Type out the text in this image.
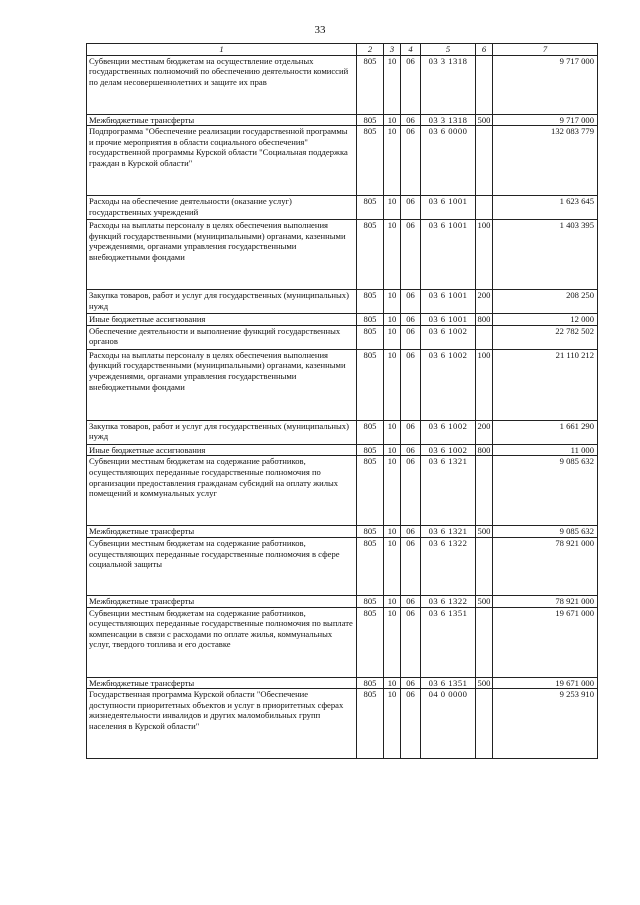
33
1	2	3	4	5	6	7
Субвенции местным бюджетам на осуществление отдельных государственных полномочий по обеспечению деятельности комиссий по делам несовершеннолетних и защите их прав	805	10	06	03 3 1318		9 717 000
Межбюджетные трансферты	805	10	06	03 3 1318	500	9 717 000
Подпрограмма "Обеспечение реализации государственной программы и прочие мероприятия в области социального обеспечения" государственной программы Курской области "Социальная поддержка граждан в Курской области"	805	10	06	03 6 0000		132 083 779
Расходы на обеспечение деятельности (оказание услуг) государственных учреждений	805	10	06	03 6 1001		1 623 645
Расходы на выплаты персоналу в целях обеспечения выполнения функций государственными (муниципальными) органами, казенными учреждениями, органами управления государственными внебюджетными фондами	805	10	06	03 6 1001	100	1 403 395
Закупка товаров, работ и услуг для государственных (муниципальных) нужд	805	10	06	03 6 1001	200	208 250
Иные бюджетные ассигнования	805	10	06	03 6 1001	800	12 000
Обеспечение деятельности и выполнение функций государственных органов	805	10	06	03 6 1002		22 782 502
Расходы на выплаты персоналу в целях обеспечения выполнения функций государственными (муниципальными) органами, казенными учреждениями, органами управления государственными внебюджетными фондами	805	10	06	03 6 1002	100	21 110 212
Закупка товаров, работ и услуг для государственных (муниципальных) нужд	805	10	06	03 6 1002	200	1 661 290
Иные бюджетные ассигнования	805	10	06	03 6 1002	800	11 000
Субвенции местным бюджетам на содержание работников, осуществляющих переданные государственные полномочия по организации предоставления гражданам субсидий на оплату жилых помещений и коммунальных услуг	805	10	06	03 6 1321		9 085 632
Межбюджетные трансферты	805	10	06	03 6 1321	500	9 085 632
Субвенции местным бюджетам на содержание работников, осуществляющих переданные государственные полномочия в сфере социальной защиты	805	10	06	03 6 1322		78 921 000
Межбюджетные трансферты	805	10	06	03 6 1322	500	78 921 000
Субвенции местным бюджетам на содержание работников, осуществляющих переданные государственные полномочия по выплате компенсации в связи с расходами по оплате жилья, коммунальных услуг, твердого топлива и его доставке	805	10	06	03 6 1351		19 671 000
Межбюджетные трансферты	805	10	06	03 6 1351	500	19 671 000
Государственная программа Курской области "Обеспечение доступности приоритетных объектов и услуг в приоритетных сферах жизнедеятельности инвалидов и других маломобильных групп населения в Курской области"	805	10	06	04 0 0000		9 253 910
